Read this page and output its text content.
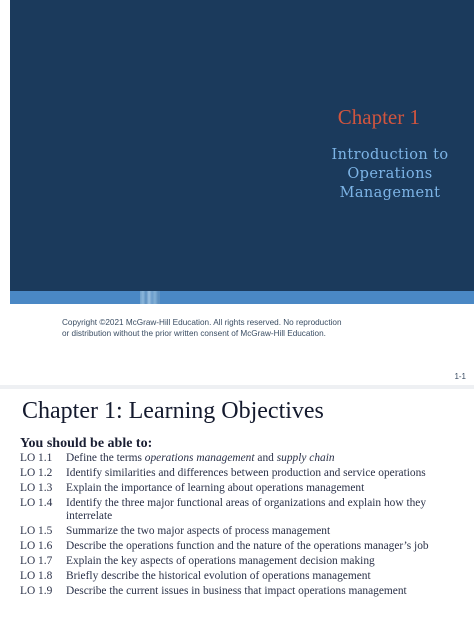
Chapter 1
Introduction to
Operations
Management
Copyright ©2021 McGraw-Hill Education. All rights reserved. No reproduction
or distribution without the prior written consent of McGraw-Hill Education.
1-1
Chapter 1: Learning Objectives
You should be able to:
LO 1.1	Define the terms operations management and supply chain
LO 1.2	Identify similarities and differences between production and service operations
LO 1.3	Explain the importance of learning about operations management
LO 1.4	Identify the three major functional areas of organizations and explain how they interrelate
LO 1.5	Summarize the two major aspects of process management
LO 1.6	Describe the operations function and the nature of the operations manager’s job
LO 1.7	Explain the key aspects of operations management decision making
LO 1.8	Briefly describe the historical evolution of operations management
LO 1.9	Describe the current issues in business that impact operations management
